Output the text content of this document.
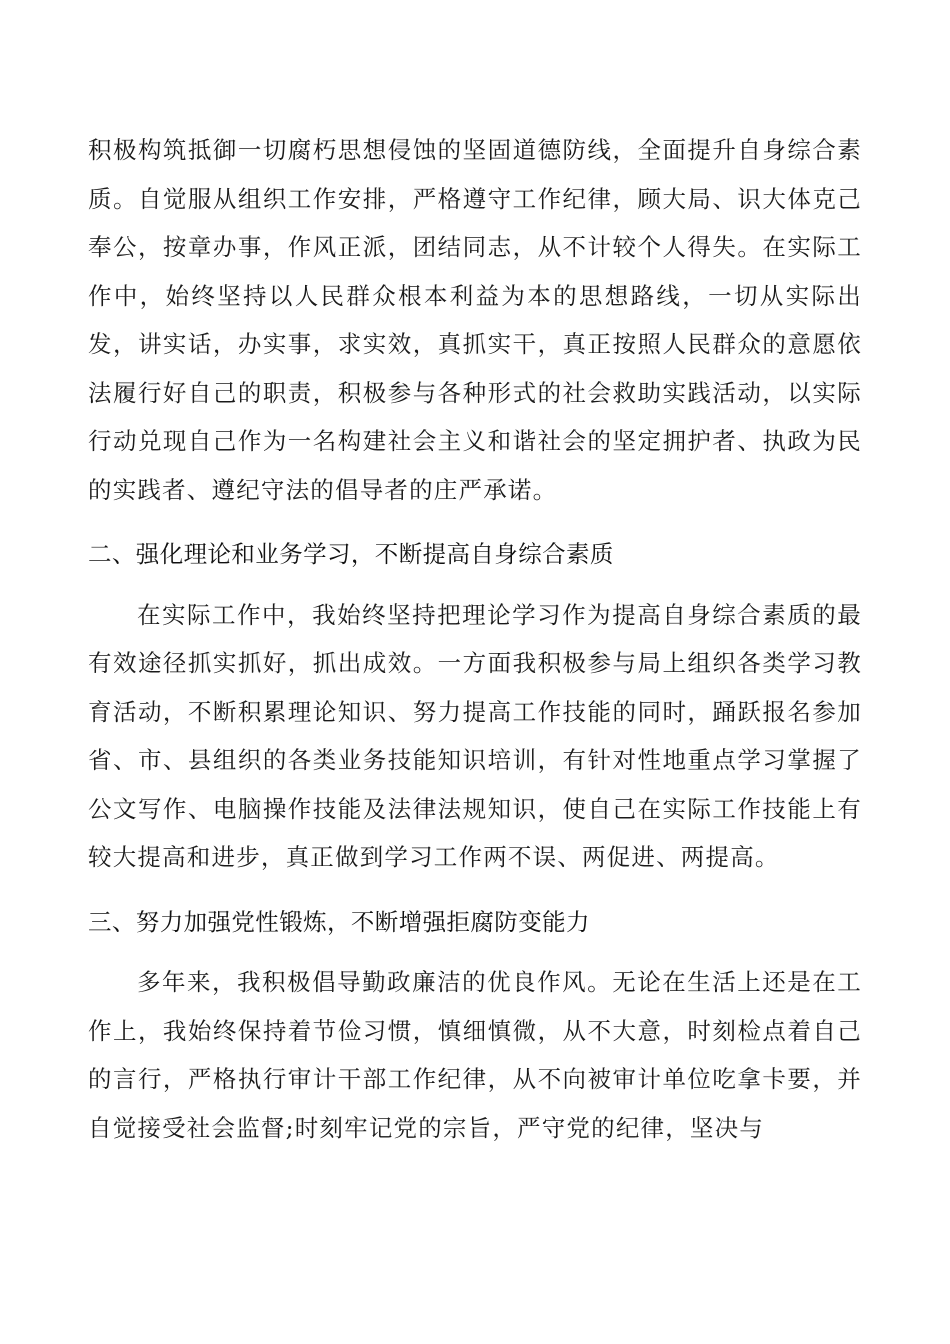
积极构筑抵御一切腐朽思想侵蚀的坚固道德防线，全面提升自身综合素质。自觉服从组织工作安排，严格遵守工作纪律，顾大局、识大体克己奉公，按章办事，作风正派，团结同志，从不计较个人得失。在实际工作中，始终坚持以人民群众根本利益为本的思想路线，一切从实际出发，讲实话，办实事，求实效，真抓实干，真正按照人民群众的意愿依法履行好自己的职责，积极参与各种形式的社会救助实践活动，以实际行动兑现自己作为一名构建社会主义和谐社会的坚定拥护者、执政为民的实践者、遵纪守法的倡导者的庄严承诺。

二、强化理论和业务学习，不断提高自身综合素质

在实际工作中，我始终坚持把理论学习作为提高自身综合素质的最有效途径抓实抓好，抓出成效。一方面我积极参与局上组织各类学习教育活动，不断积累理论知识、努力提高工作技能的同时，踊跃报名参加省、市、县组织的各类业务技能知识培训，有针对性地重点学习掌握了公文写作、电脑操作技能及法律法规知识，使自己在实际工作技能上有较大提高和进步，真正做到学习工作两不误、两促进、两提高。

三、努力加强党性锻炼，不断增强拒腐防变能力

多年来，我积极倡导勤政廉洁的优良作风。无论在生活上还是在工作上，我始终保持着节俭习惯，慎细慎微，从不大意，时刻检点着自己的言行，严格执行审计干部工作纪律，从不向被审计单位吃拿卡要，并自觉接受社会监督;时刻牢记党的宗旨，严守党的纪律，坚决与
